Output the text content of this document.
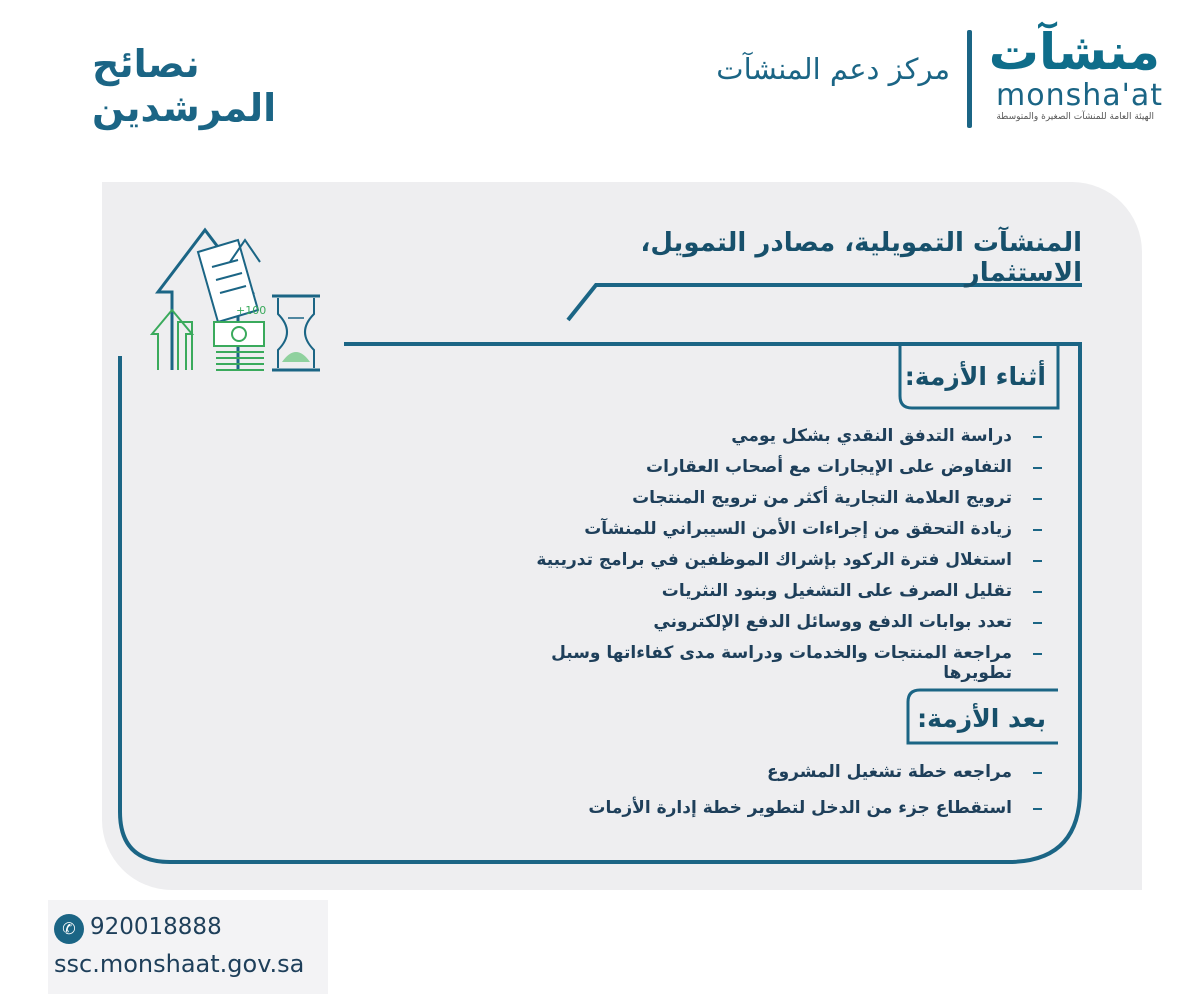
نصائح المرشدين
مركز دعم المنشآت منشآت
monsha'at
الهيئة العامة للمنشآت الصغيرة والمتوسطة
+100
المنشآت التمويلية، مصادر التمويل، الاستثمار
أثناء الأزمة:
دراسة التدفق النقدي بشكل يومي
التفاوض على الإيجارات مع أصحاب العقارات
ترويج العلامة التجارية أكثر من ترويج المنتجات
زيادة التحقق من إجراءات الأمن السيبراني للمنشآت
استغلال فترة الركود بإشراك الموظفين في برامج تدريبية
تقليل الصرف على التشغيل وبنود النثريات
تعدد بوابات الدفع ووسائل الدفع الإلكتروني
مراجعة المنتجات والخدمات ودراسة مدى كفاءاتها وسبل تطويرها
بعد الأزمة:
مراجعه خطة تشغيل المشروع
استقطاع جزء من الدخل لتطوير خطة إدارة الأزمات
✆ 920018888
ssc.monshaat.gov.sa
